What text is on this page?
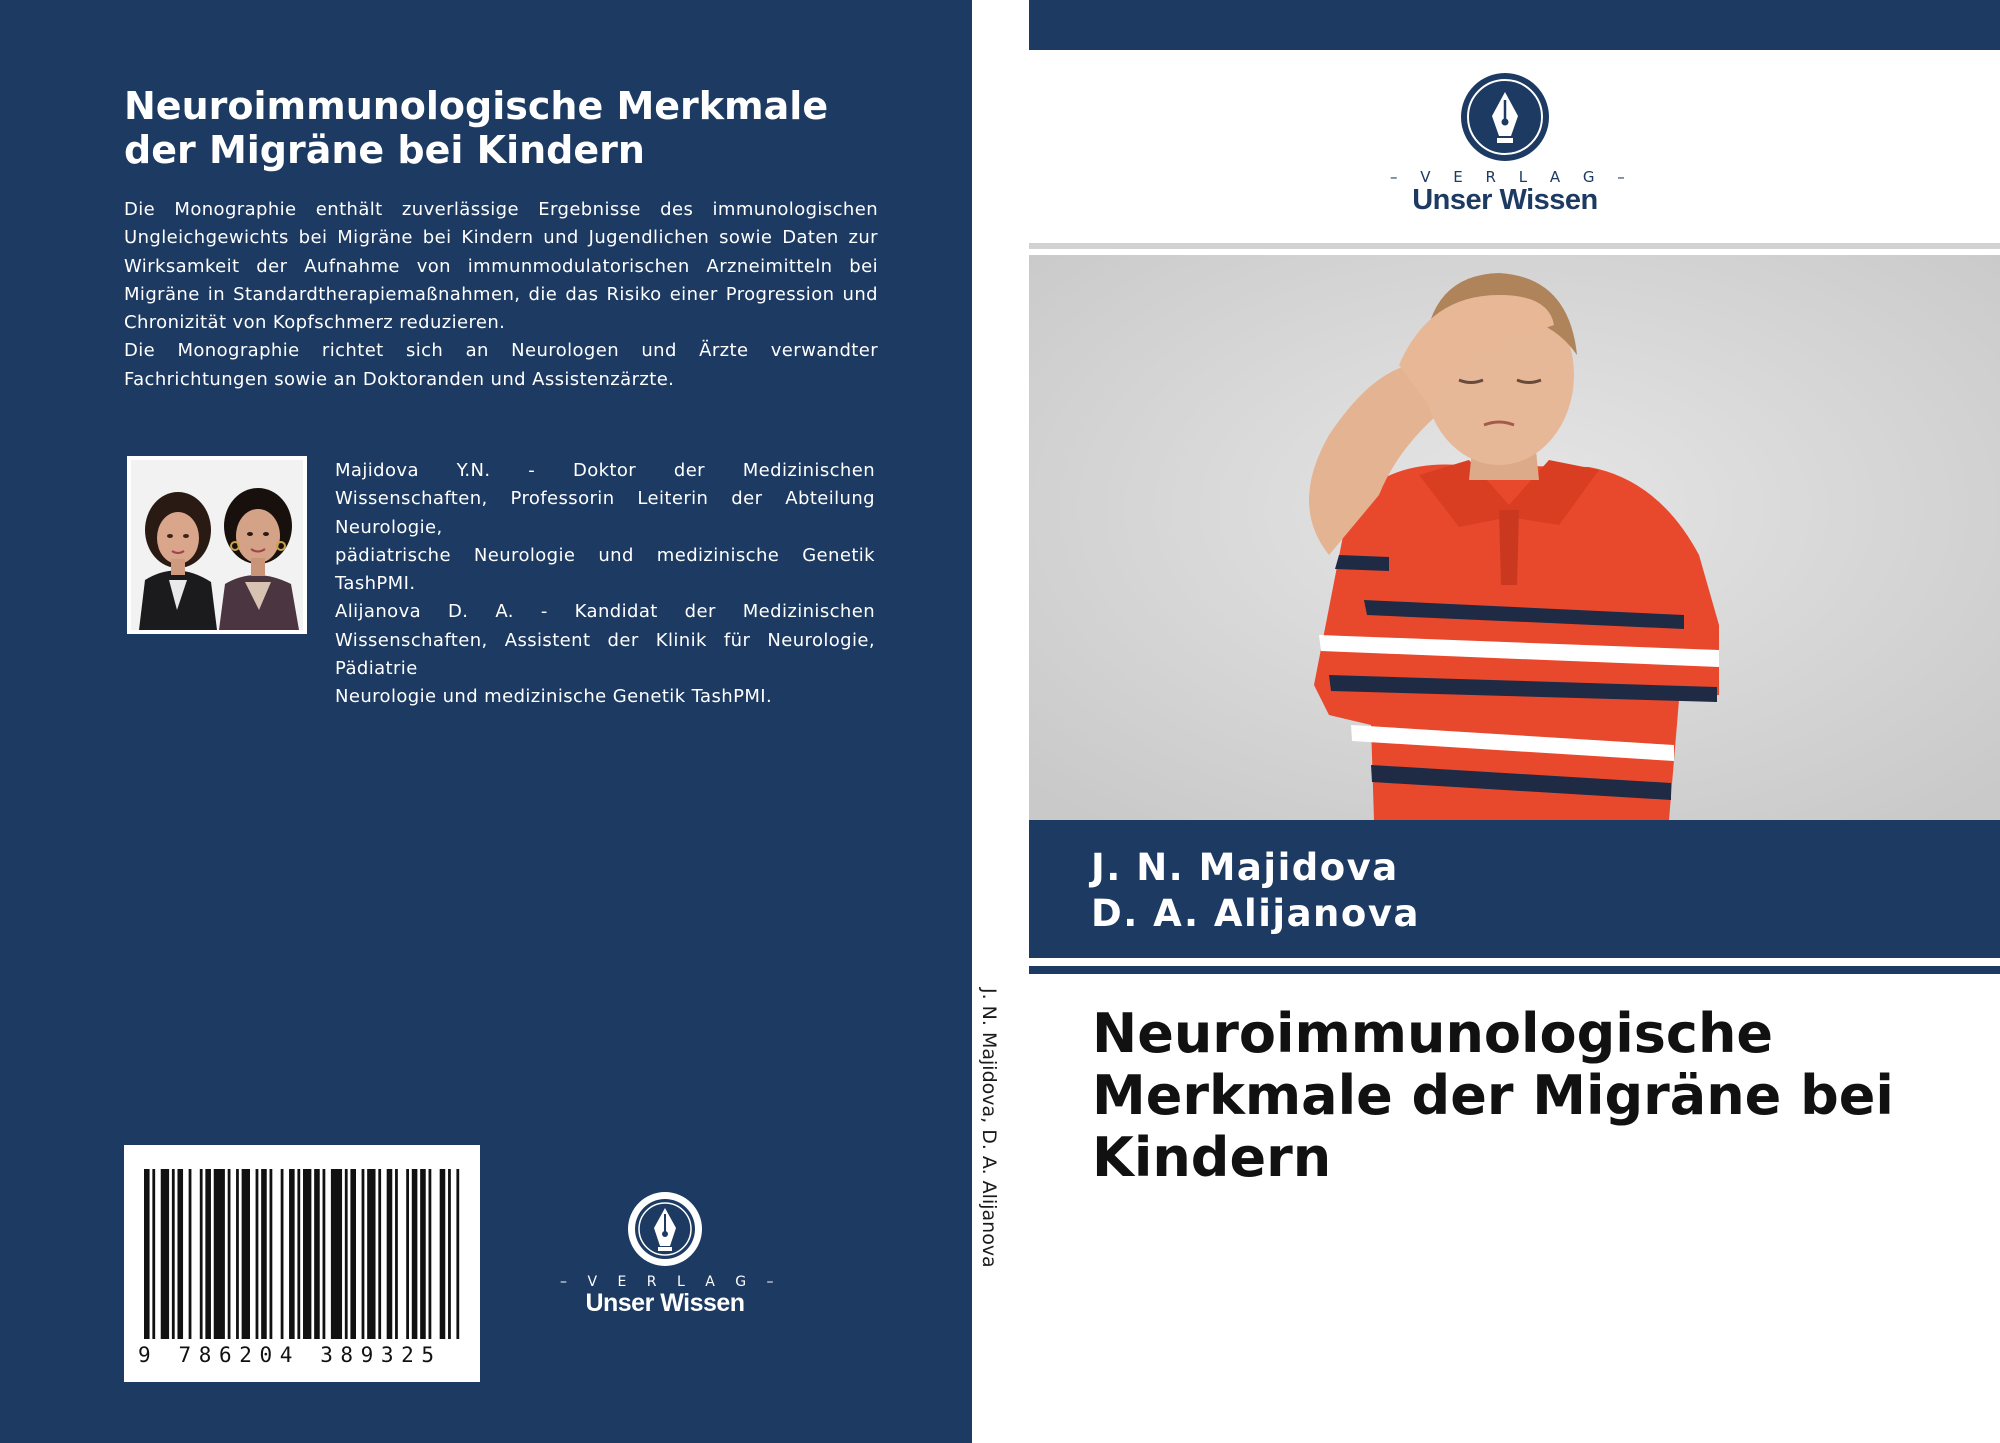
Neuroimmunologische Merkmale der Migräne bei Kindern

Die Monographie enthält zuverlässige Ergebnisse des immunologischen Ungleichgewichts bei Migräne bei Kindern und Jugendlichen sowie Daten zur Wirksamkeit der Aufnahme von immunmodulatorischen Arzneimitteln bei Migräne in Standardtherapiemaßnahmen, die das Risiko einer Progression und Chronizität von Kopfschmerz reduzieren.

Die Monographie richtet sich an Neurologen und Ärzte verwandter Fachrichtungen sowie an Doktoranden und Assistenzärzte.

Majidova Y.N. - Doktor der Medizinischen Wissenschaften, Professorin Leiterin der Abteilung Neurologie,

pädiatrische Neurologie und medizinische Genetik TashPMI.

Alijanova D. A. - Kandidat der Medizinischen Wissenschaften, Assistent der Klinik für Neurologie, Pädiatrie

Neurologie und medizinische Genetik TashPMI.

9 786204 389325
– V E R L A G –
Unser Wissen
J. N. Majidova, D. A. Alijanova
– V E R L A G –
Unser Wissen
J. N. Majidova
D. A. Alijanova
Neuroimmunologische Merkmale der Migräne bei Kindern
